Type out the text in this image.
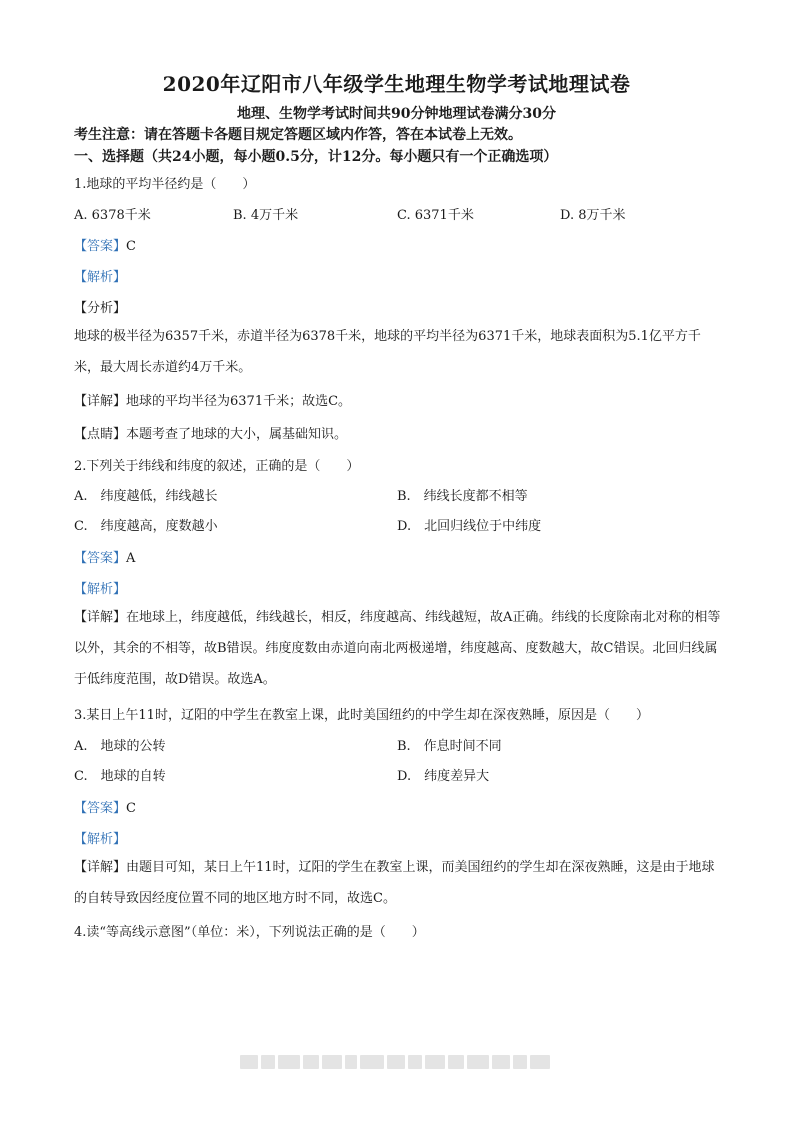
2020年辽阳市八年级学生地理生物学考试地理试卷
地理、生物学考试时间共90分钟地理试卷满分30分
考生注意：请在答题卡各题目规定答题区域内作答，答在本试卷上无效。
一、选择题（共24小题，每小题0.5分，计12分。每小题只有一个正确选项）
1.地球的平均半径约是（　　）
A. 6378千米	B. 4万千米	C. 6371千米	D. 8万千米
【答案】C
【解析】
【分析】
地球的极半径为6357千米，赤道半径为6378千米，地球的平均半径为6371千米，地球表面积为5.1亿平方千米，最大周长赤道约4万千米。
【详解】地球的平均半径为6371千米；故选C。
【点睛】本题考查了地球的大小，属基础知识。
2.下列关于纬线和纬度的叙述，正确的是（　　）
A.　纬度越低，纬线越长	B.　纬线长度都不相等
C.　纬度越高，度数越小	D.　北回归线位于中纬度
【答案】A
【解析】
【详解】在地球上，纬度越低，纬线越长，相反，纬度越高、纬线越短，故A正确。纬线的长度除南北对称的相等以外，其余的不相等，故B错误。纬度度数由赤道向南北两极递增，纬度越高、度数越大，故C错误。北回归线属于低纬度范围，故D错误。故选A。
3.某日上午11时，辽阳的中学生在教室上课，此时美国纽约的中学生却在深夜熟睡，原因是（　　）
A.　地球的公转	B.　作息时间不同
C.　地球的自转	D.　纬度差异大
【答案】C
【解析】
【详解】由题目可知，某日上午11时，辽阳的学生在教室上课，而美国纽约的学生却在深夜熟睡，这是由于地球的自转导致因经度位置不同的地区地方时不同，故选C。
4.读“等高线示意图”（单位：米），下列说法正确的是（　　）
